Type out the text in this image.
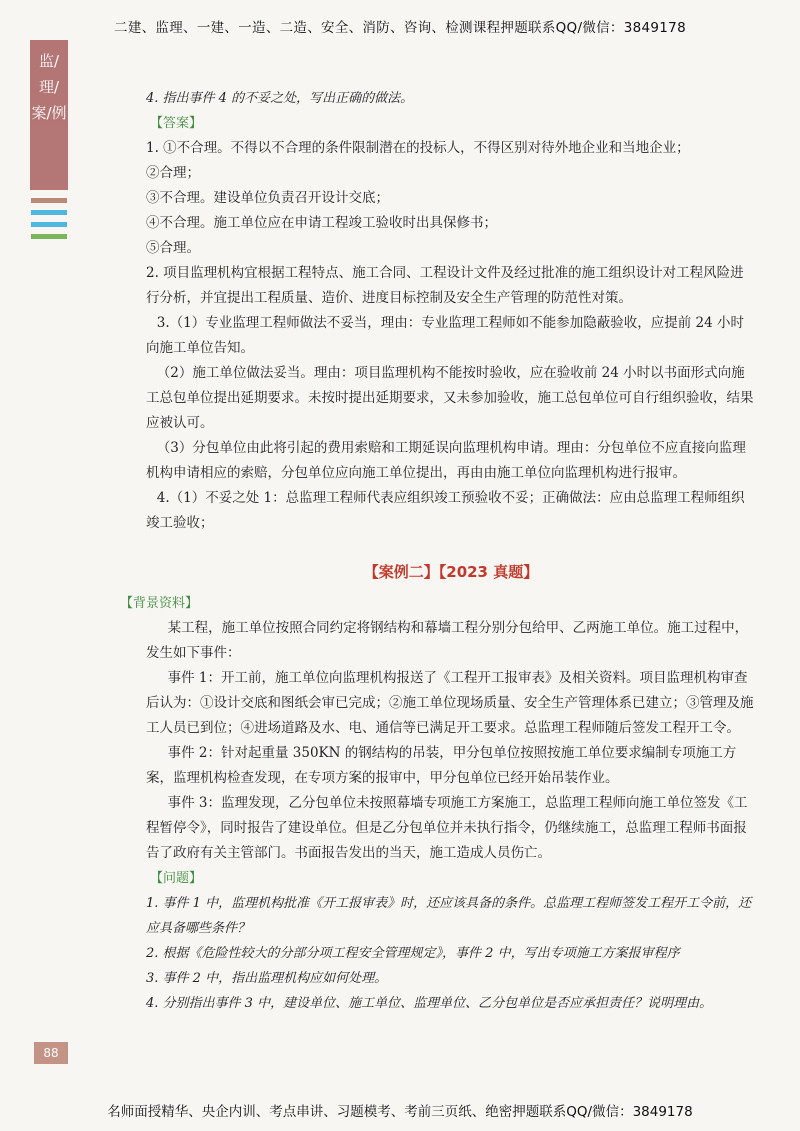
二建、监理、一建、一造、二造、安全、消防、咨询、检测课程押题联系QQ/微信：3849178
监/理/案/例

4. 指出事件 4 的不妥之处，写出正确的做法。

【答案】

1. ①不合理。不得以不合理的条件限制潜在的投标人，不得区别对待外地企业和当地企业；

②合理；

③不合理。建设单位负责召开设计交底；

④不合理。施工单位应在申请工程竣工验收时出具保修书；

⑤合理。

2. 项目监理机构宜根据工程特点、施工合同、工程设计文件及经过批准的施工组织设计对工程风险进行分析，并宜提出工程质量、造价、进度目标控制及安全生产管理的防范性对策。

3.（1）专业监理工程师做法不妥当，理由：专业监理工程师如不能参加隐蔽验收，应提前 24 小时向施工单位告知。

（2）施工单位做法妥当。理由：项目监理机构不能按时验收，应在验收前 24 小时以书面形式向施工总包单位提出延期要求。未按时提出延期要求，又未参加验收，施工总包单位可自行组织验收，结果应被认可。

（3）分包单位由此将引起的费用索赔和工期延误向监理机构申请。理由：分包单位不应直接向监理机构申请相应的索赔，分包单位应向施工单位提出，再由由施工单位向监理机构进行报审。

4.（1）不妥之处 1：总监理工程师代表应组织竣工预验收不妥；正确做法：应由总监理工程师组织竣工验收；

【案例二】【2023 真题】

【背景资料】

某工程，施工单位按照合同约定将钢结构和幕墙工程分别分包给甲、乙两施工单位。施工过程中，发生如下事件：

事件 1：开工前，施工单位向监理机构报送了《工程开工报审表》及相关资料。项目监理机构审查后认为：①设计交底和图纸会审已完成；②施工单位现场质量、安全生产管理体系已建立；③管理及施工人员已到位；④进场道路及水、电、通信等已满足开工要求。总监理工程师随后签发工程开工令。

事件 2：针对起重量 350KN 的钢结构的吊装，甲分包单位按照按施工单位要求编制专项施工方案，监理机构检查发现，在专项方案的报审中，甲分包单位已经开始吊装作业。

事件 3：监理发现，乙分包单位未按照幕墙专项施工方案施工，总监理工程师向施工单位签发《工程暂停令》，同时报告了建设单位。但是乙分包单位并未执行指令，仍继续施工，总监理工程师书面报告了政府有关主管部门。书面报告发出的当天，施工造成人员伤亡。

【问题】

1. 事件 1 中，监理机构批准《开工报审表》时，还应该具备的条件。总监理工程师签发工程开工令前，还应具备哪些条件？

2. 根据《危险性较大的分部分项工程安全管理规定》，事件 2 中，写出专项施工方案报审程序

3. 事件 2 中，指出监理机构应如何处理。

4. 分别指出事件 3 中，建设单位、施工单位、监理单位、乙分包单位是否应承担责任？说明理由。

88
名师面授精华、央企内训、考点串讲、习题模考、考前三页纸、绝密押题联系QQ/微信：3849178
